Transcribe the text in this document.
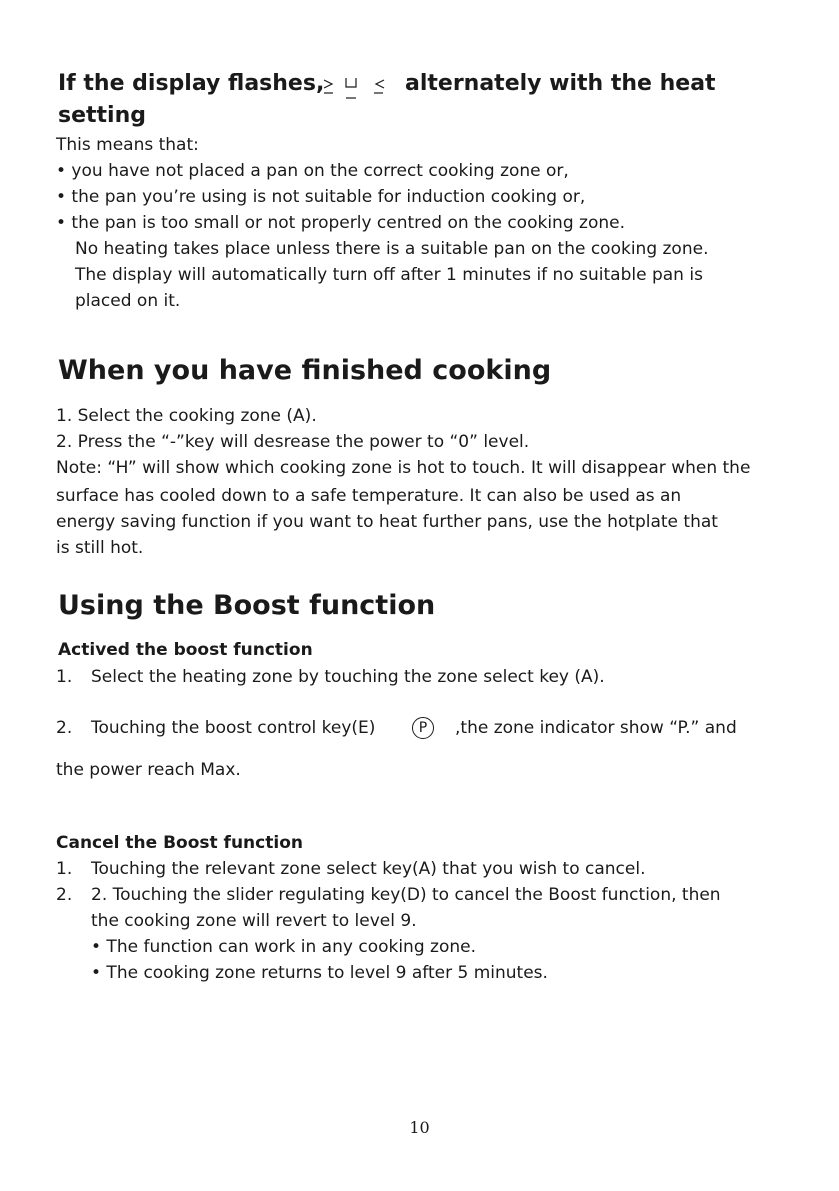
If the display flashes,	alternately with the heat
setting
This means that:
• you have not placed a pan on the correct cooking zone or,
• the pan you’re using is not suitable for induction cooking or,
• the pan is too small or not properly centred on the cooking zone.
No heating takes place unless there is a suitable pan on the cooking zone.
The display will automatically turn off after 1 minutes if no suitable pan is
placed on it.
When you have finished cooking
1. Select the cooking zone (A).
2. Press the “-”key will desrease the power to “0” level.
Note: “H” will show which cooking zone is hot to touch. It will disappear when the
surface has cooled down to a safe temperature. It can also be used as an
energy saving function if you want to heat further pans, use the hotplate that
is still hot.
Using the Boost function
Actived the boost function
1. Select the heating zone by touching the zone select key (A).
2. Touching the boost control key(E)	P	,the zone indicator show “P.” and
the power reach Max.
Cancel the Boost function
1. Touching the relevant zone select key(A) that you wish to cancel.
2. 2. Touching the slider regulating key(D) to cancel the Boost function, then
the cooking zone will revert to level 9.
• The function can work in any cooking zone.
• The cooking zone returns to level 9 after 5 minutes.
10
